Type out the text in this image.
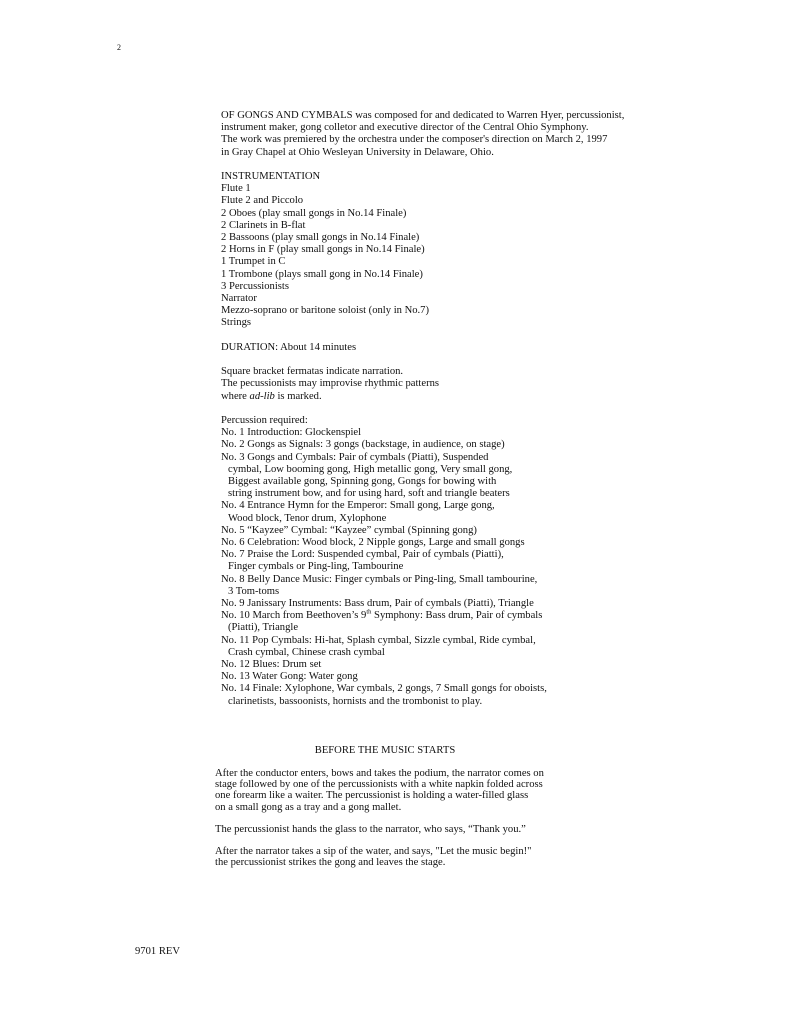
2
OF GONGS AND CYMBALS was composed for and dedicated to Warren Hyer, percussionist,
instrument maker, gong colletor and executive director of the Central Ohio Symphony.
The work was premiered by the orchestra under the composer's direction on March 2, 1997
in Gray Chapel at Ohio Wesleyan University in Delaware, Ohio.
INSTRUMENTATION
Flute 1
Flute 2 and Piccolo
2 Oboes (play small gongs in No.14 Finale)
2 Clarinets in B-flat
2 Bassoons (play small gongs in No.14 Finale)
2 Horns in F (play small gongs in No.14 Finale)
1 Trumpet in C
1 Trombone (plays small gong in No.14 Finale)
3 Percussionists
Narrator
Mezzo-soprano or baritone soloist (only in No.7)
Strings
DURATION: About 14 minutes
Square bracket fermatas indicate narration.
The pecussionists may improvise rhythmic patterns
where ad-lib is marked.
Percussion required:
No. 1 Introduction: Glockenspiel
No. 2 Gongs as Signals: 3 gongs (backstage, in audience, on stage)
No. 3 Gongs and Cymbals: Pair of cymbals (Piatti), Suspended
cymbal, Low booming gong, High metallic gong, Very small gong,
Biggest available gong, Spinning gong, Gongs for bowing with
string instrument bow, and for using hard, soft and triangle beaters
No. 4 Entrance Hymn for the Emperor: Small gong, Large gong,
Wood block, Tenor drum, Xylophone
No. 5 “Kayzee” Cymbal: “Kayzee” cymbal (Spinning gong)
No. 6 Celebration: Wood block, 2 Nipple gongs, Large and small gongs
No. 7 Praise the Lord: Suspended cymbal, Pair of cymbals (Piatti),
Finger cymbals or Ping-ling, Tambourine
No. 8 Belly Dance Music: Finger cymbals or Ping-ling, Small tambourine,
3 Tom-toms
No. 9 Janissary Instruments: Bass drum, Pair of cymbals (Piatti), Triangle
No. 10 March from Beethoven’s 9th Symphony: Bass drum, Pair of cymbals
(Piatti), Triangle
No. 11 Pop Cymbals: Hi-hat, Splash cymbal, Sizzle cymbal, Ride cymbal,
Crash cymbal, Chinese crash cymbal
No. 12 Blues: Drum set
No. 13 Water Gong: Water gong
No. 14 Finale: Xylophone, War cymbals, 2 gongs, 7 Small gongs for oboists,
clarinetists, bassoonists, hornists and the trombonist to play.
BEFORE THE MUSIC STARTS
After the conductor enters, bows and takes the podium, the narrator comes on
stage followed by one of the percussionists with a white napkin folded across
one forearm like a waiter. The percussionist is holding a water-filled glass
on a small gong as a tray and a gong mallet.
The percussionist hands the glass to the narrator, who says, “Thank you.”
After the narrator takes a sip of the water, and says, "Let the music begin!"
the percussionist strikes the gong and leaves the stage.
9701 REV
